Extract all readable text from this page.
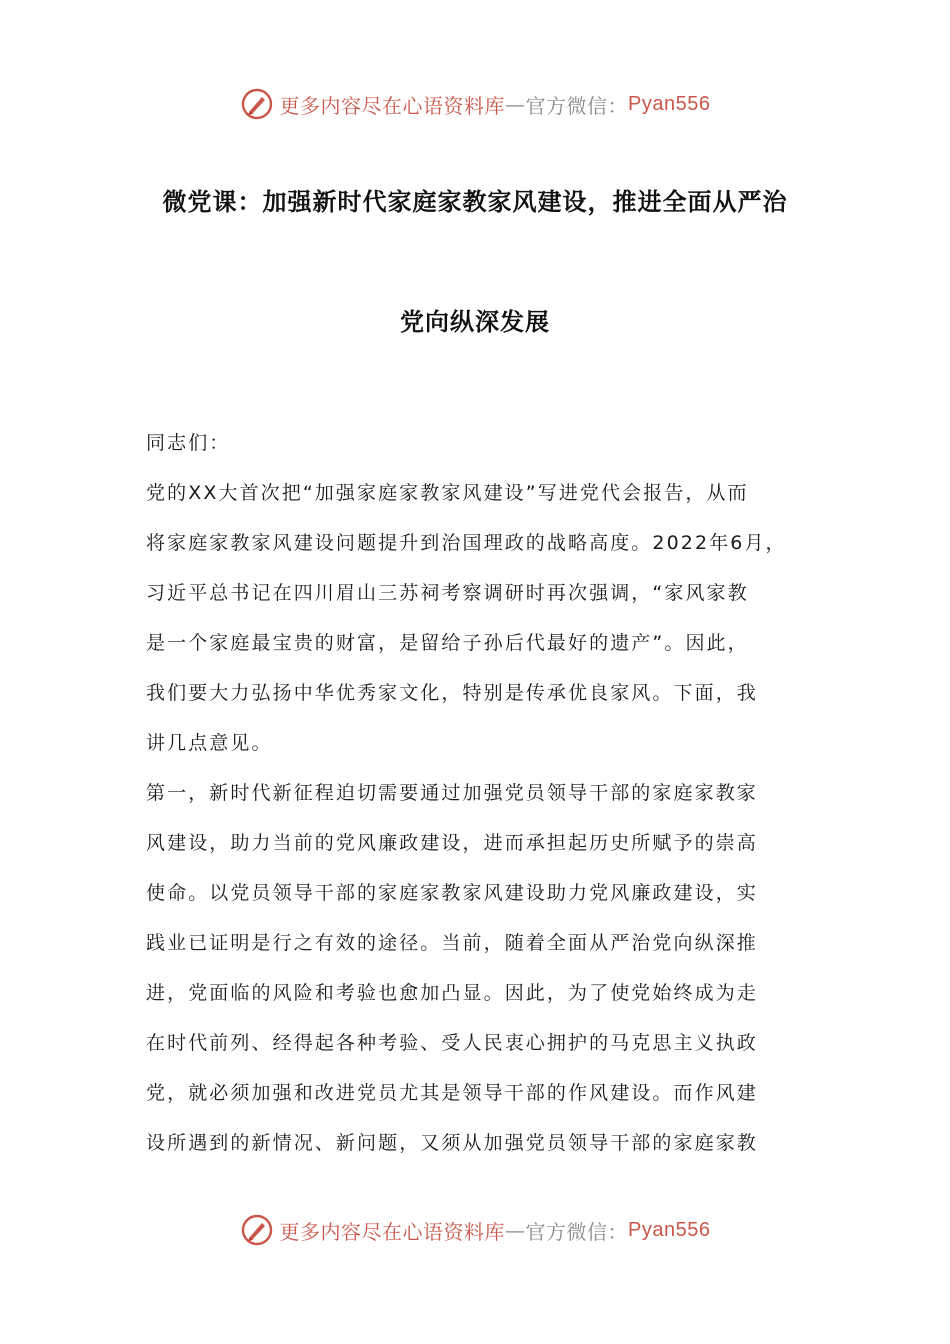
更多内容尽在心语资料库 — 官方微信： Pyan556
微党课：加强新时代家庭家教家风建设，推进全面从严治
党向纵深发展
同志们：
党的XX大首次把“加强家庭家教家风建设”写进党代会报告，从而
将家庭家教家风建设问题提升到治国理政的战略高度。2022年6月，
习近平总书记在四川眉山三苏祠考察调研时再次强调，“家风家教
是一个家庭最宝贵的财富，是留给子孙后代最好的遗产”。因此，
我们要大力弘扬中华优秀家文化，特别是传承优良家风。下面，我
讲几点意见。
第一，新时代新征程迫切需要通过加强党员领导干部的家庭家教家
风建设，助力当前的党风廉政建设，进而承担起历史所赋予的崇高
使命。以党员领导干部的家庭家教家风建设助力党风廉政建设，实
践业已证明是行之有效的途径。当前，随着全面从严治党向纵深推
进，党面临的风险和考验也愈加凸显。因此，为了使党始终成为走
在时代前列、经得起各种考验、受人民衷心拥护的马克思主义执政
党，就必须加强和改进党员尤其是领导干部的作风建设。而作风建
设所遇到的新情况、新问题，又须从加强党员领导干部的家庭家教
更多内容尽在心语资料库 — 官方微信： Pyan556
